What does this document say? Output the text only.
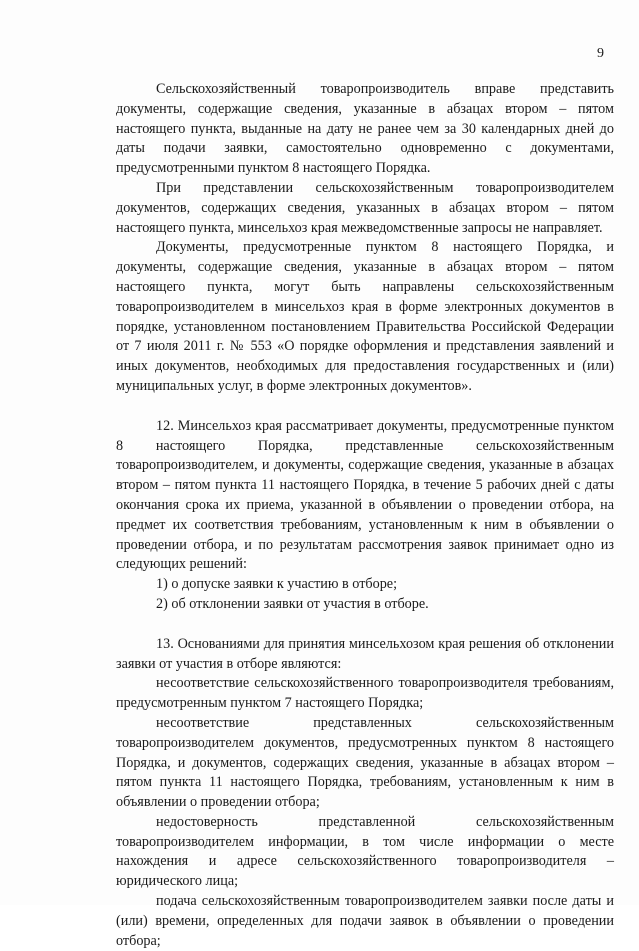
9

Сельскохозяйственный товаропроизводитель вправе представить документы, содержащие сведения, указанные в абзацах втором – пятом настоящего пункта, выданные на дату не ранее чем за 30 календарных дней до даты подачи заявки, самостоятельно одновременно с документами, предусмотренными пунктом 8 настоящего Порядка.

При представлении сельскохозяйственным товаропроизводителем документов, содержащих сведения, указанных в абзацах втором – пятом настоящего пункта, минсельхоз края межведомственные запросы не направляет.

Документы, предусмотренные пунктом 8 настоящего Порядка, и документы, содержащие сведения, указанные в абзацах втором – пятом настоящего пункта, могут быть направлены сельскохозяйственным товаропроизводителем в минсельхоз края в форме электронных документов в порядке, установленном постановлением Правительства Российской Федерации от 7 июля 2011 г. № 553 «О порядке оформления и представления заявлений и иных документов, необходимых для предоставления государственных и (или) муниципальных услуг, в форме электронных документов».

12. Минсельхоз края рассматривает документы, предусмотренные пунктом 8 настоящего Порядка, представленные сельскохозяйственным товаропроизводителем, и документы, содержащие сведения, указанные в абзацах втором – пятом пункта 11 настоящего Порядка, в течение 5 рабочих дней с даты окончания срока их приема, указанной в объявлении о проведении отбора, на предмет их соответствия требованиям, установленным к ним в объявлении о проведении отбора, и по результатам рассмотрения заявок принимает одно из следующих решений:

1) о допуске заявки к участию в отборе;

2) об отклонении заявки от участия в отборе.

13. Основаниями для принятия минсельхозом края решения об отклонении заявки от участия в отборе являются:

несоответствие сельскохозяйственного товаропроизводителя требованиям, предусмотренным пунктом 7 настоящего Порядка;

несоответствие представленных сельскохозяйственным товаропроизводителем документов, предусмотренных пунктом 8 настоящего Порядка, и документов, содержащих сведения, указанные в абзацах втором – пятом пункта 11 настоящего Порядка, требованиям, установленным к ним в объявлении о проведении отбора;

недостоверность представленной сельскохозяйственным товаропроизводителем информации, в том числе информации о месте нахождения и адресе сельскохозяйственного товаропроизводителя – юридического лица;

подача сельскохозяйственным товаропроизводителем заявки после даты и (или) времени, определенных для подачи заявок в объявлении о проведении отбора;
